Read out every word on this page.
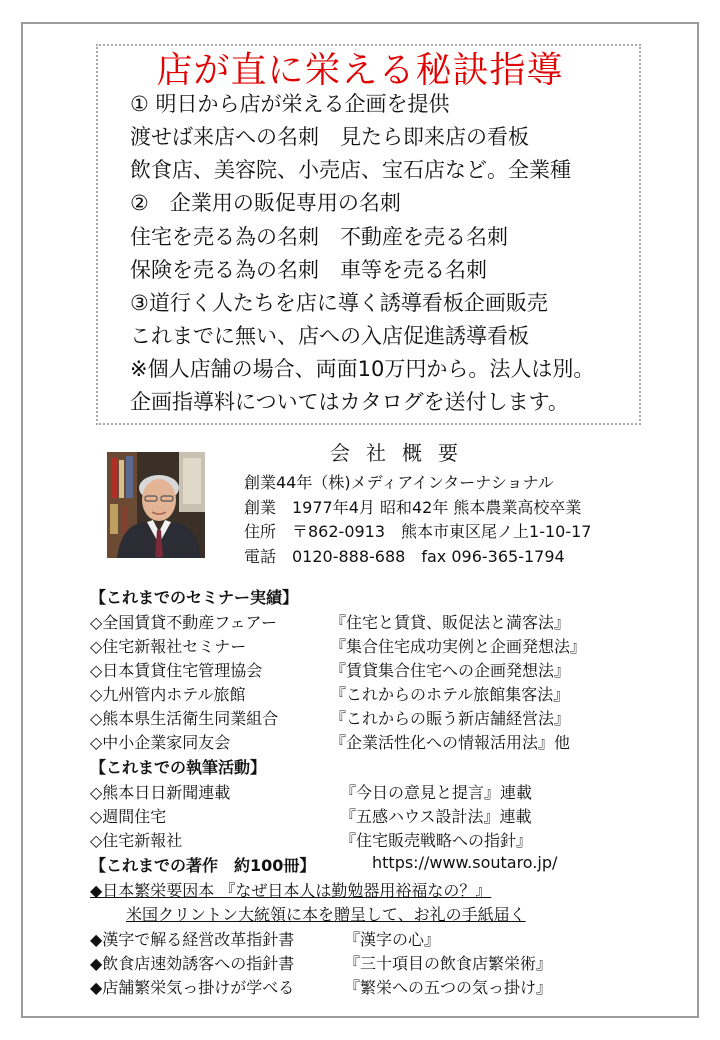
店が直に栄える秘訣指導
① 明日から店が栄える企画を提供
渡せば来店への名刺　見たら即来店の看板
飲食店、美容院、小売店、宝石店など。全業種
②　企業用の販促専用の名刺
住宅を売る為の名刺　不動産を売る名刺
保険を売る為の名刺　車等を売る名刺
③道行く人たちを店に導く誘導看板企画販売
これまでに無い、店への入店促進誘導看板
※個人店舗の場合、両面10万円から。法人は別。
企画指導料についてはカタログを送付します。
会社概要
創業44年（株)メディアインターナショナル
創業　1977年4月 昭和42年 熊本農業高校卒業
住所　〒862-0913　熊本市東区尾ノ上1-10-17
電話　0120-888-688　fax 096-365-1794
【これまでのセミナー実績】
◇全国賃貸不動産フェアー	『住宅と賃貸、販促法と満客法』
◇住宅新報社セミナー	『集合住宅成功実例と企画発想法』
◇日本賃貸住宅管理協会	『賃貸集合住宅への企画発想法』
◇九州管内ホテル旅館	『これからのホテル旅館集客法』
◇熊本県生活衛生同業組合	『これからの賑う新店舗経営法』
◇中小企業家同友会	『企業活性化への情報活用法』他
【これまでの執筆活動】
◇熊本日日新聞連載	『今日の意見と提言』連載
◇週間住宅	『五感ハウス設計法』連載
◇住宅新報社	『住宅販売戦略への指針』
【これまでの著作　約100冊】	https://www.soutaro.jp/
◆日本繁栄要因本 『なぜ日本人は勤勉器用裕福なの？』
米国クリントン大統領に本を贈呈して、お礼の手紙届く
◆漢字で解る経営改革指針書	『漢字の心』
◆飲食店速効誘客への指針書	『三十項目の飲食店繁栄術』
◆店舗繁栄気っ掛けが学べる	『繁栄への五つの気っ掛け』
